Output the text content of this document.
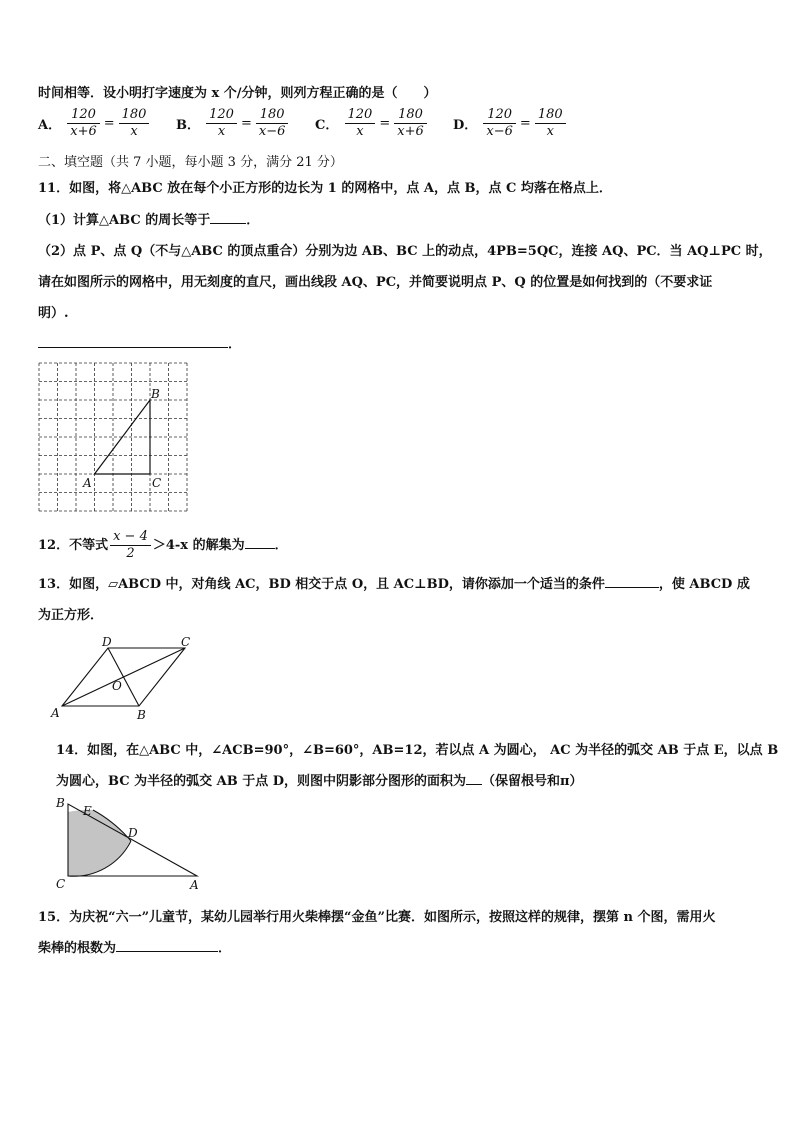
时间相等．设小明打字速度为 x 个/分钟，则列方程正确的是（　　）
A． $\frac{120}{x+6} = \frac{180}{x}$ B． $\frac{120}{x} = \frac{180}{x-6}$ C． $\frac{120}{x} = \frac{180}{x+6}$ D． $\frac{120}{x-6} = \frac{180}{x}$
二、填空题（共 7 小题，每小题 3 分，满分 21 分）
11．如图，将△ABC 放在每个小正方形的边长为 1 的网格中，点 A，点 B，点 C 均落在格点上．
（1）计算△ABC 的周长等于	．
（2）点 P、点 Q（不与△ABC 的顶点重合）分别为边 AB、BC 上的动点，4PB=5QC，连接 AQ、PC．当 AQ⊥PC 时，
请在如图所示的网格中，用无刻度的直尺，画出线段 AQ、PC，并简要说明点 P、Q 的位置是如何找到的（不要求证
明）.
．
A
B
C
12．不等式 $\frac{x - 4}{2} >4-x$ 的解集为 ．
13．如图，▱ABCD 中，对角线 AC，BD 相交于点 O，且 AC⊥BD，请你添加一个适当的条件	，使 ABCD 成
为正方形．
A	B
C
D
O
14．如图，在△ABC 中，∠ACB=90°，∠B=60°，AB=12，若以点 A 为圆心， AC 为半径的弧交 AB 于点 E，以点 B
为圆心，BC 为半径的弧交 AB 于点 D，则图中阴影部分图形的面积为 （保留根号和π）
B
E
D
C	A
15．为庆祝“六一”儿童节，某幼儿园举行用火柴棒摆“金鱼”比赛．如图所示，按照这样的规律，摆第 n 个图，需用火
柴棒的根数为	．
